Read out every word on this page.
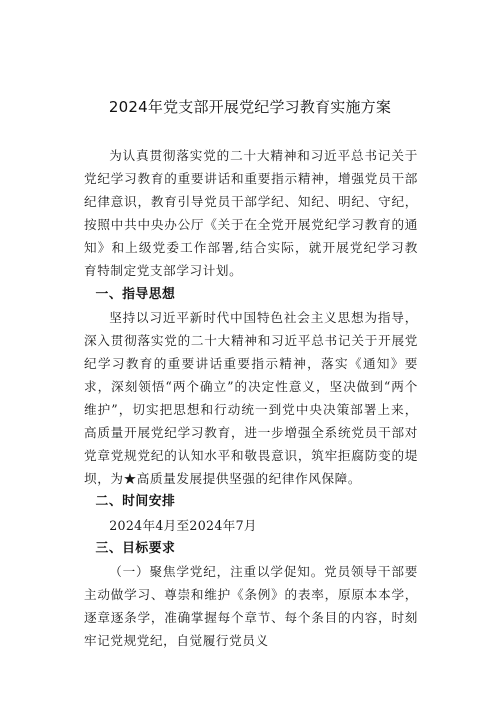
2024年党支部开展党纪学习教育实施方案

为认真贯彻落实党的二十大精神和习近平总书记关于党纪学习教育的重要讲话和重要指示精神，增强党员干部纪律意识，教育引导党员干部学纪、知纪、明纪、守纪，按照中共中央办公厅《关于在全党开展党纪学习教育的通知》和上级党委工作部署,结合实际，就开展党纪学习教育特制定党支部学习计划。

一、指导思想

坚持以习近平新时代中国特色社会主义思想为指导，深入贯彻落实党的二十大精神和习近平总书记关于开展党纪学习教育的重要讲话重要指示精神，落实《通知》要求，深刻领悟“两个确立”的决定性意义，坚决做到“两个维护”，切实把思想和行动统一到党中央决策部署上来，高质量开展党纪学习教育，进一步增强全系统党员干部对党章党规党纪的认知水平和敬畏意识，筑牢拒腐防变的堤坝，为★高质量发展提供坚强的纪律作风保障。

二、时间安排

2024年4月至2024年7月

三、目标要求

（一）聚焦学党纪，注重以学促知。党员领导干部要主动做学习、尊崇和维护《条例》的表率，原原本本学，逐章逐条学，准确掌握每个章节、每个条目的内容，时刻牢记党规党纪，自觉履行党员义
